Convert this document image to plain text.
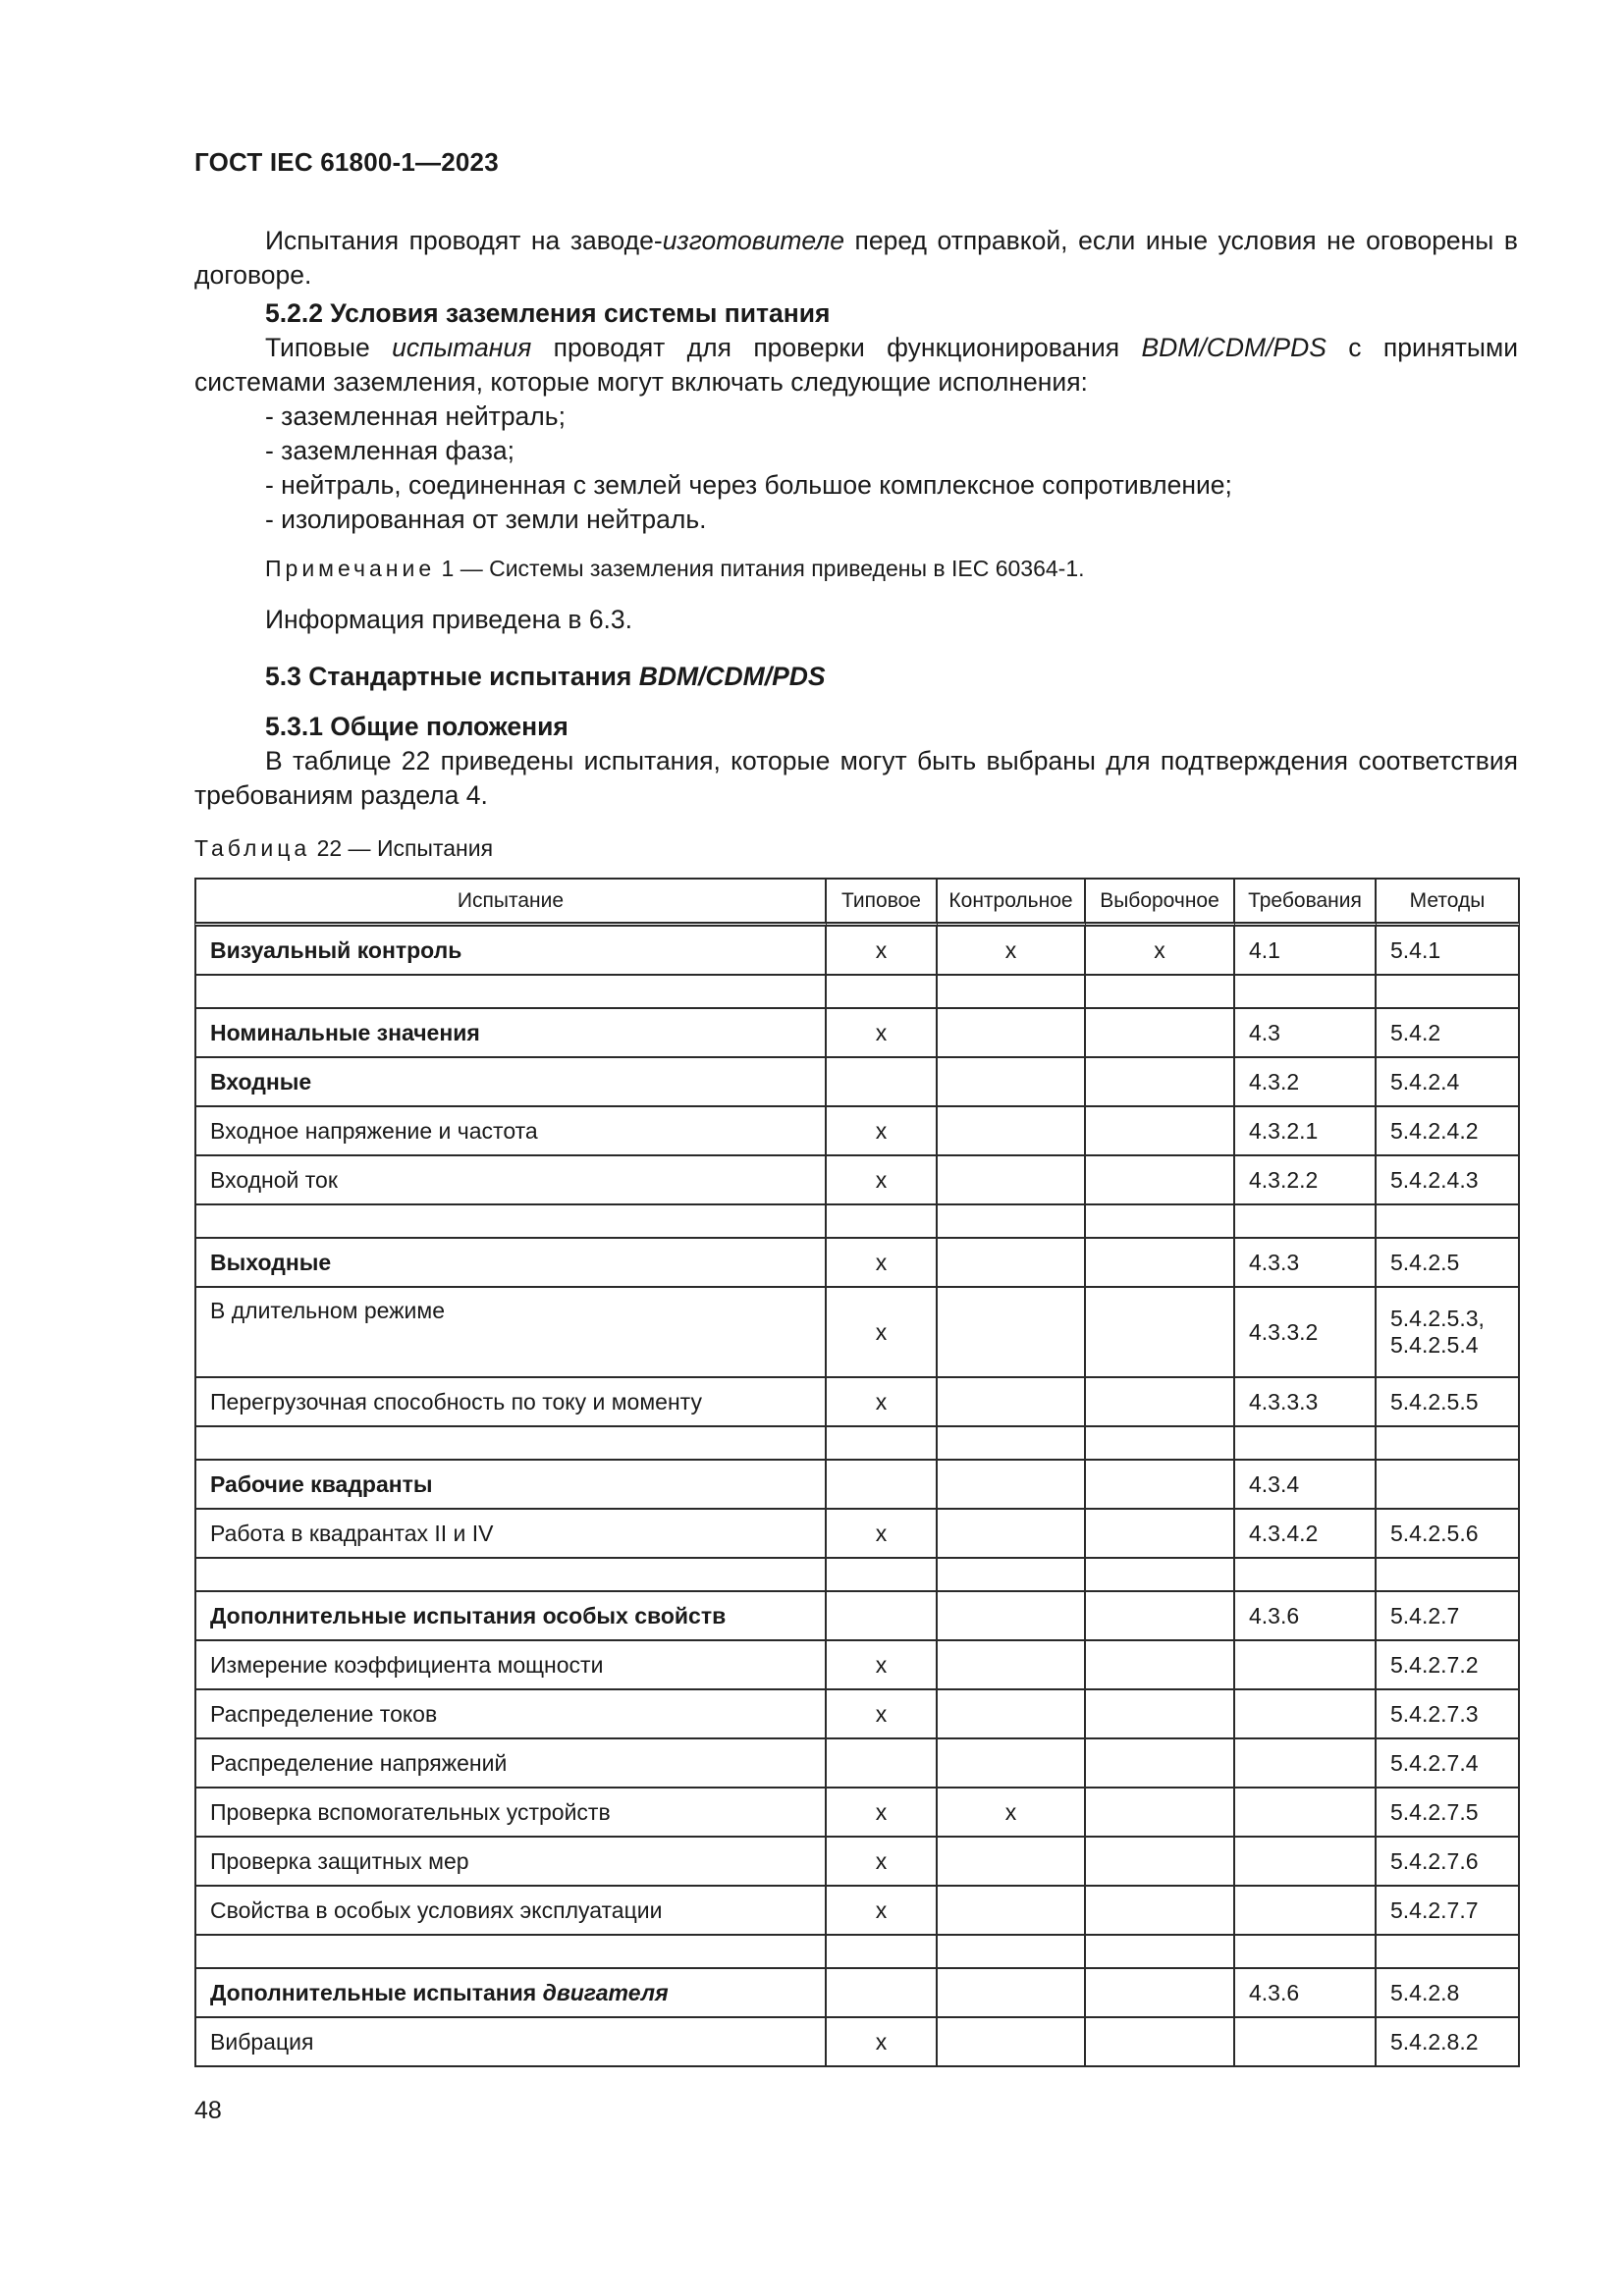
ГОСТ IEC 61800-1—2023
Испытания проводят на заводе-изготовителе перед отправкой, если иные условия не оговорены в договоре.
5.2.2 Условия заземления системы питания
Типовые испытания проводят для проверки функционирования BDM/CDM/PDS с принятыми системами заземления, которые могут включать следующие исполнения:
- заземленная нейтраль;
- заземленная фаза;
- нейтраль, соединенная с землей через большое комплексное сопротивление;
- изолированная от земли нейтраль.
Примечание 1 — Системы заземления питания приведены в IEC 60364-1.
Информация приведена в 6.3.
5.3 Стандартные испытания BDM/CDM/PDS
5.3.1 Общие положения
В таблице 22 приведены испытания, которые могут быть выбраны для подтверждения соответствия требованиям раздела 4.
Таблица 22 — Испытания
Испытание	Типовое	Контрольное	Выборочное	Требования	Методы
Визуальный контроль	x	x	x	4.1	5.4.1

Номинальные значения	x			4.3	5.4.2
Входные				4.3.2	5.4.2.4
Входное напряжение и частота	x			4.3.2.1	5.4.2.4.2
Входной ток	x			4.3.2.2	5.4.2.4.3

Выходные	x			4.3.3	5.4.2.5
В длительном режиме	x			4.3.3.2	5.4.2.5.3,
5.4.2.5.4

Перегрузочная способность по току и моменту	x			4.3.3.3	5.4.2.5.5

Рабочие квадранты				4.3.4	
Работа в квадрантах II и IV	x			4.3.4.2	5.4.2.5.6

Дополнительные испытания особых свойств				4.3.6	5.4.2.7
Измерение коэффициента мощности	x				5.4.2.7.2
Распределение токов	x				5.4.2.7.3
Распределение напряжений					5.4.2.7.4
Проверка вспомогательных устройств	x	x			5.4.2.7.5
Проверка защитных мер	x				5.4.2.7.6
Свойства в особых условиях эксплуатации	x				5.4.2.7.7

Дополнительные испытания двигателя				4.3.6	5.4.2.8
Вибрация	x				5.4.2.8.2
48
